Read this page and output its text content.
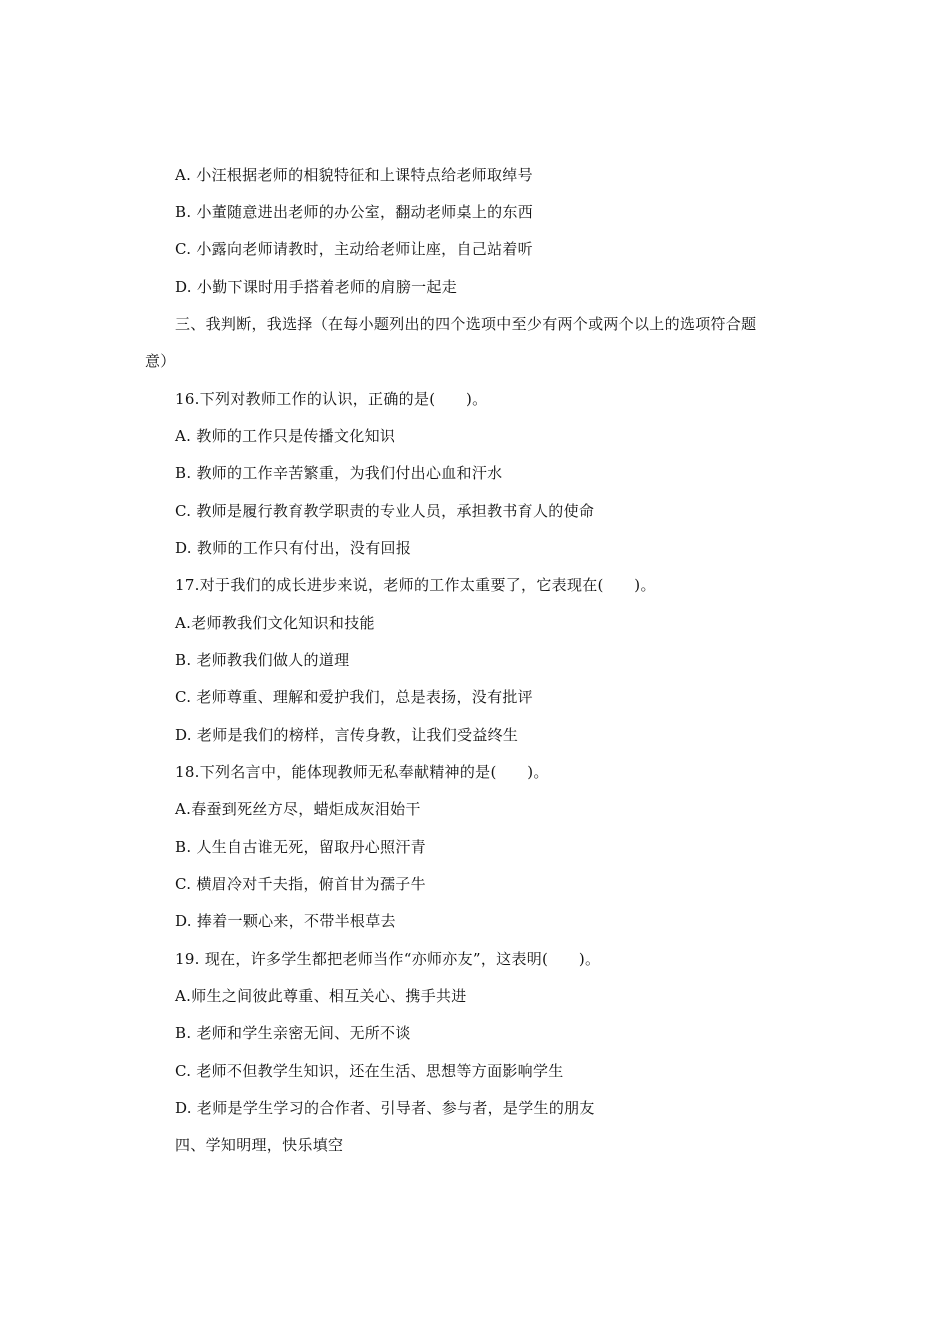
A. 小汪根据老师的相貌特征和上课特点给老师取绰号
B. 小董随意进出老师的办公室，翻动老师桌上的东西
C. 小露向老师请教时，主动给老师让座，自己站着听
D. 小勤下课时用手搭着老师的肩膀一起走
三、我判断，我选择（在每小题列出的四个选项中至少有两个或两个以上的选项符合题
意）
16.下列对教师工作的认识，正确的是(　　)。
A. 教师的工作只是传播文化知识
B. 教师的工作辛苦繁重，为我们付出心血和汗水
C. 教师是履行教育教学职责的专业人员，承担教书育人的使命
D. 教师的工作只有付出，没有回报
17.对于我们的成长进步来说，老师的工作太重要了，它表现在(　　)。
A.老师教我们文化知识和技能
B. 老师教我们做人的道理
C. 老师尊重、理解和爱护我们，总是表扬，没有批评
D. 老师是我们的榜样，言传身教，让我们受益终生
18.下列名言中，能体现教师无私奉献精神的是(　　)。
A.春蚕到死丝方尽，蜡炬成灰泪始干
B. 人生自古谁无死，留取丹心照汗青
C. 横眉冷对千夫指，俯首甘为孺子牛
D. 捧着一颗心来，不带半根草去
19. 现在，许多学生都把老师当作“亦师亦友”，这表明(　　)。
A.师生之间彼此尊重、相互关心、携手共进
B. 老师和学生亲密无间、无所不谈
C. 老师不但教学生知识，还在生活、思想等方面影响学生
D. 老师是学生学习的合作者、引导者、参与者，是学生的朋友
四、学知明理，快乐填空
